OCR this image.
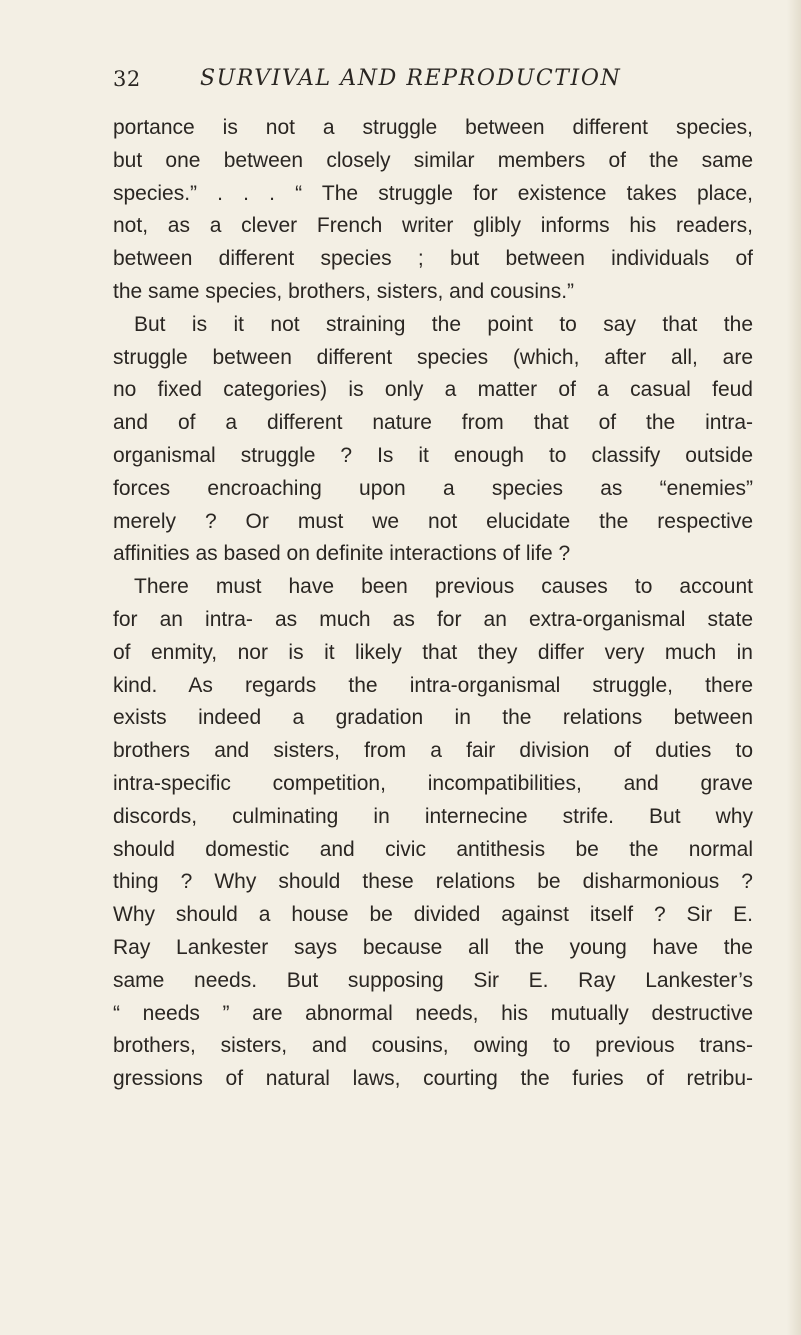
32	SURVIVAL AND REPRODUCTION
portance is not a struggle between different species,
but one between closely similar members of the same
species.” . . . “ The struggle for existence takes place,
not, as a clever French writer glibly informs his readers,
between different species ; but between individuals of
the same species, brothers, sisters, and cousins.”
 But is it not straining the point to say that the
struggle between different species (which, after all, are
no fixed categories) is only a matter of a casual feud
and of a different nature from that of the intra-
organismal struggle ? Is it enough to classify outside
forces encroaching upon a species as “enemies”
merely ? Or must we not elucidate the respective
affinities as based on definite interactions of life ?
 There must have been previous causes to account
for an intra- as much as for an extra-organismal state
of enmity, nor is it likely that they differ very much in
kind. As regards the intra-organismal struggle, there
exists indeed a gradation in the relations between
brothers and sisters, from a fair division of duties to
intra-specific competition, incompatibilities, and grave
discords, culminating in internecine strife. But why
should domestic and civic antithesis be the normal
thing ? Why should these relations be disharmonious ?
Why should a house be divided against itself ? Sir E.
Ray Lankester says because all the young have the
same needs. But supposing Sir E. Ray Lankester’s
“ needs ” are abnormal needs, his mutually destructive
brothers, sisters, and cousins, owing to previous trans-
gressions of natural laws, courting the furies of retribu-
